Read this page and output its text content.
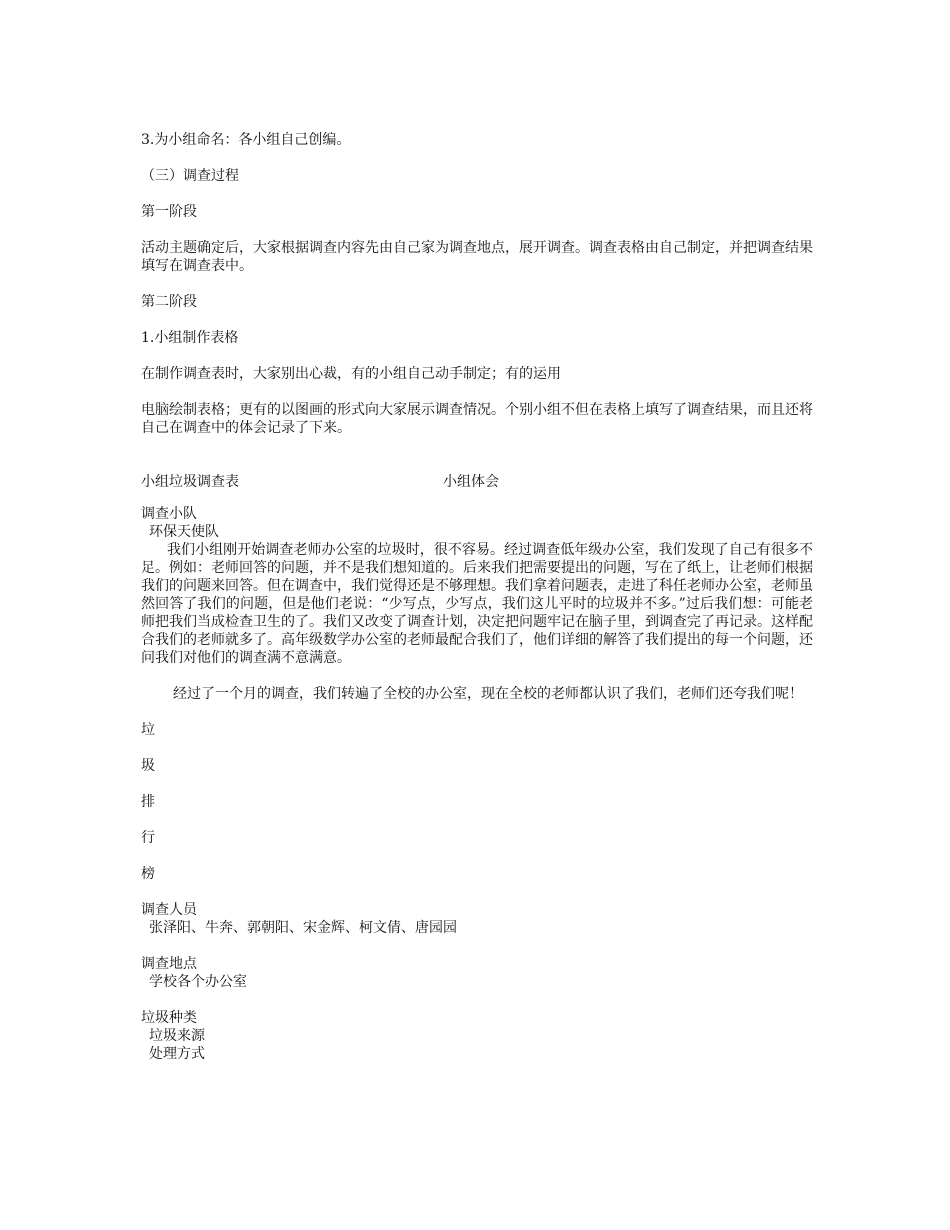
3.为小组命名：各小组自己创编。

（三）调查过程

第一阶段

活动主题确定后，大家根据调查内容先由自己家为调查地点，展开调查。调查表格由自己制定，并把调查结果填写在调查表中。

第二阶段

1.小组制作表格

在制作调查表时，大家别出心裁，有的小组自己动手制定；有的运用

电脑绘制表格；更有的以图画的形式向大家展示调查情况。个别小组不但在表格上填写了调查结果，而且还将自己在调查中的体会记录了下来。

小组垃圾调查表	小组体会

调查小队

环保天使队

我们小组刚开始调查老师办公室的垃圾时，很不容易。经过调查低年级办公室，我们发现了自己有很多不足。例如：老师回答的问题，并不是我们想知道的。后来我们把需要提出的问题，写在了纸上，让老师们根据我们的问题来回答。但在调查中，我们觉得还是不够理想。我们拿着问题表，走进了科任老师办公室，老师虽然回答了我们的问题，但是他们老说：“少写点，少写点，我们这儿平时的垃圾并不多。”过后我们想：可能老师把我们当成检查卫生的了。我们又改变了调查计划，决定把问题牢记在脑子里，到调查完了再记录。这样配合我们的老师就多了。高年级数学办公室的老师最配合我们了，他们详细的解答了我们提出的每一个问题，还问我们对他们的调查满不意满意。

经过了一个月的调查，我们转遍了全校的办公室，现在全校的老师都认识了我们，老师们还夸我们呢！

垃

圾

排

行

榜

调查人员

张泽阳、牛奔、郭朝阳、宋金辉、柯文倩、唐园园

调查地点

学校各个办公室

垃圾种类

垃圾来源

处理方式
